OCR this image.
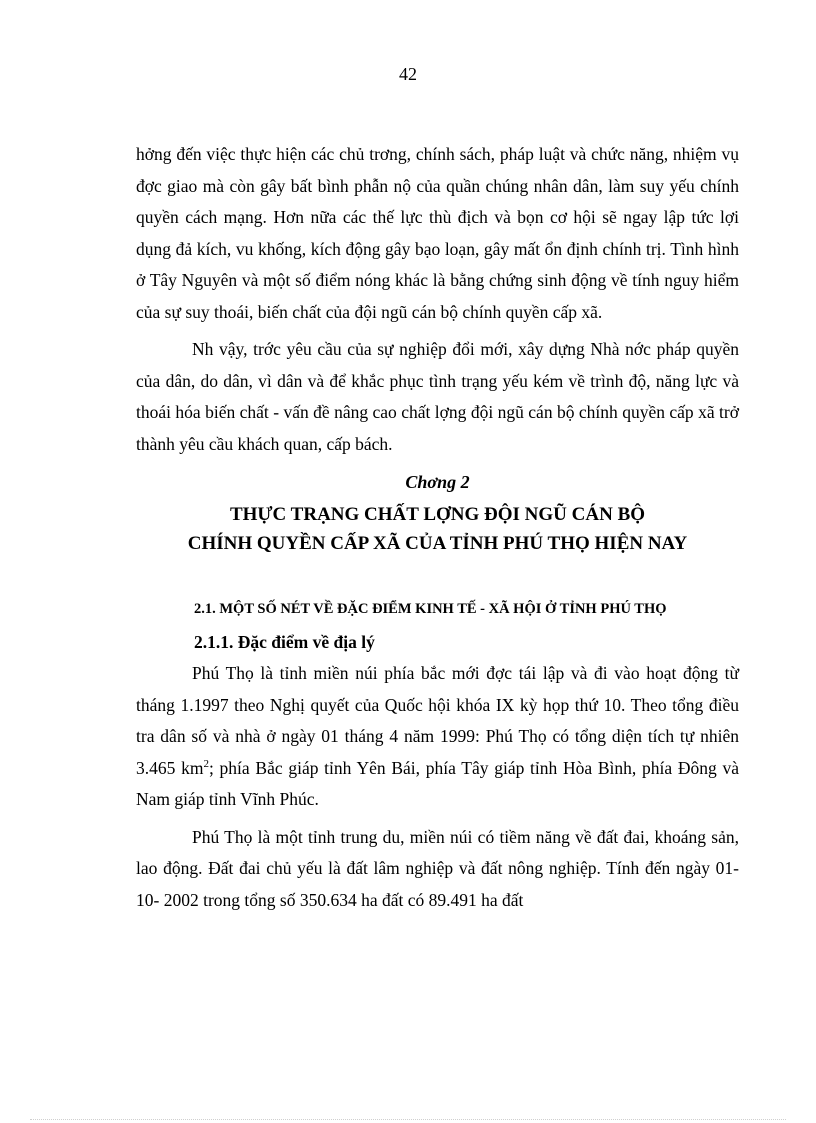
42

hởng đến việc thực hiện các chủ trơng, chính sách, pháp luật và chức năng, nhiệm vụ đợc giao mà còn gây bất bình phẫn nộ của quần chúng nhân dân, làm suy yếu chính quyền cách mạng. Hơn nữa các thế lực thù địch và bọn cơ hội sẽ ngay lập tức lợi dụng đả kích, vu khống, kích động gây bạo loạn, gây mất ổn định chính trị. Tình hình ở Tây Nguyên và một số điểm nóng khác là bằng chứng sinh động về tính nguy hiểm của sự suy thoái, biến chất của đội ngũ cán bộ chính quyền cấp xã.

Nh vậy, trớc yêu cầu của sự nghiệp đổi mới, xây dựng Nhà nớc pháp quyền của dân, do dân, vì dân và để khắc phục tình trạng yếu kém về trình độ, năng lực và thoái hóa biến chất - vấn đề nâng cao chất lợng đội ngũ cán bộ chính quyền cấp xã trở thành yêu cầu khách quan, cấp bách.

Chơng 2
THỰC TRẠNG CHẤT LỢNG ĐỘI NGŨ CÁN BỘ
CHÍNH QUYỀN CẤP XÃ CỦA TỈNH PHÚ THỌ HIỆN NAY
2.1. MỘT SỐ NÉT VỀ ĐẶC ĐIỂM KINH TẾ - XÃ HỘI Ở TỈNH PHÚ THỌ
2.1.1. Đặc điểm về địa lý

Phú Thọ là tỉnh miền núi phía bắc mới đợc tái lập và đi vào hoạt động từ tháng 1.1997 theo Nghị quyết của Quốc hội khóa IX kỳ họp thứ 10. Theo tổng điều tra dân số và nhà ở ngày 01 tháng 4 năm 1999: Phú Thọ có tổng diện tích tự nhiên 3.465 $km^2$; phía Bắc giáp tỉnh Yên Bái, phía Tây giáp tỉnh Hòa Bình, phía Đông và Nam giáp tỉnh Vĩnh Phúc.

Phú Thọ là một tỉnh trung du, miền núi có tiềm năng về đất đai, khoáng sản, lao động. Đất đai chủ yếu là đất lâm nghiệp và đất nông nghiệp. Tính đến ngày 01-10- 2002 trong tổng số 350.634 ha đất có 89.491 ha đất
